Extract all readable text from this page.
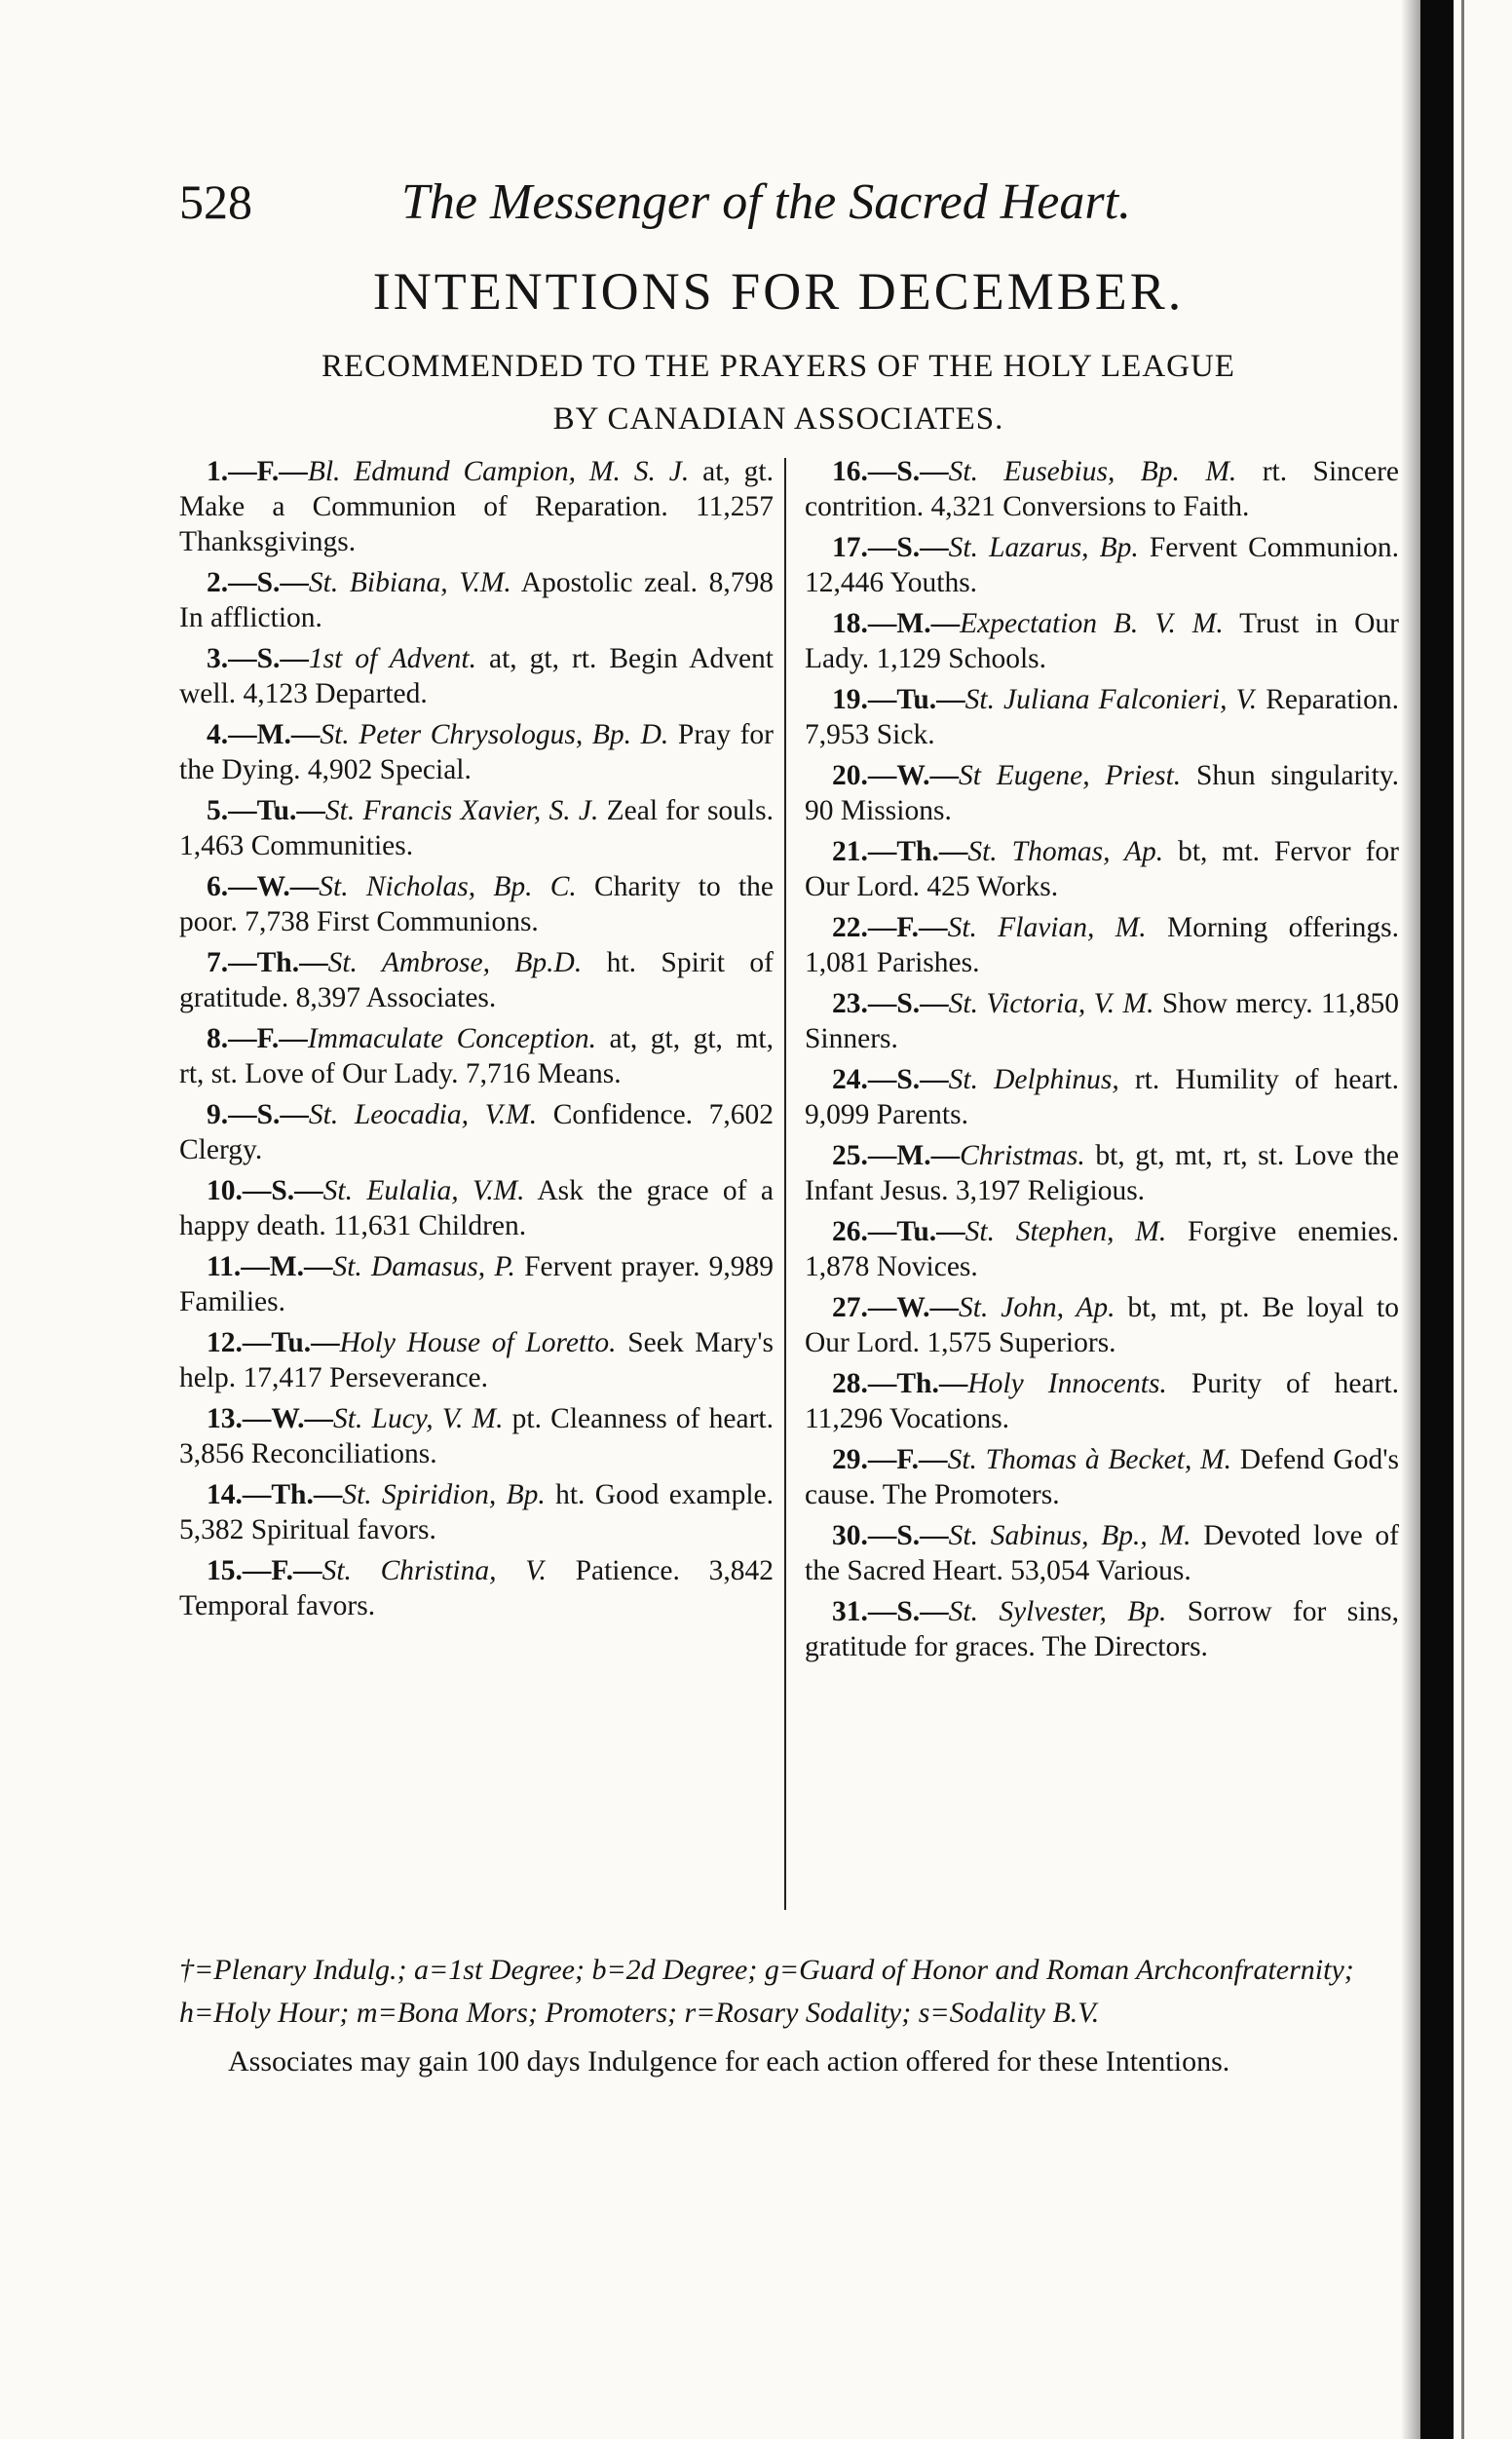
528	The Messenger of the Sacred Heart.
INTENTIONS FOR DECEMBER.
RECOMMENDED TO THE PRAYERS OF THE HOLY LEAGUE
BY CANADIAN ASSOCIATES.

1.—F.—Bl. Edmund Campion, M. S. J. at, gt. Make a Communion of Reparation. 11,257 Thanksgivings.

2.—S.—St. Bibiana, V.M. Apostolic zeal. 8,798 In affliction.

3.—S.—1st of Advent. at, gt, rt. Begin Advent well. 4,123 Departed.

4.—M.—St. Peter Chrysologus, Bp. D. Pray for the Dying. 4,902 Special.

5.—Tu.—St. Francis Xavier, S. J. Zeal for souls. 1,463 Communities.

6.—W.—St. Nicholas, Bp. C. Charity to the poor. 7,738 First Communions.

7.—Th.—St. Ambrose, Bp.D. ht. Spirit of gratitude. 8,397 Associates.

8.—F.—Immaculate Conception. at, gt, gt, mt, rt, st. Love of Our Lady. 7,716 Means.

9.—S.—St. Leocadia, V.M. Confidence. 7,602 Clergy.

10.—S.—St. Eulalia, V.M. Ask the grace of a happy death. 11,631 Children.

11.—M.—St. Damasus, P. Fervent prayer. 9,989 Families.

12.—Tu.—Holy House of Loretto. Seek Mary's help. 17,417 Perseverance.

13.—W.—St. Lucy, V. M. pt. Cleanness of heart. 3,856 Reconciliations.

14.—Th.—St. Spiridion, Bp. ht. Good example. 5,382 Spiritual favors.

15.—F.—St. Christina, V. Patience. 3,842 Temporal favors.

16.—S.—St. Eusebius, Bp. M. rt. Sincere contrition. 4,321 Conversions to Faith.

17.—S.—St. Lazarus, Bp. Fervent Communion. 12,446 Youths.

18.—M.—Expectation B. V. M. Trust in Our Lady. 1,129 Schools.

19.—Tu.—St. Juliana Falconieri, V. Reparation. 7,953 Sick.

20.—W.—St Eugene, Priest. Shun singularity. 90 Missions.

21.—Th.—St. Thomas, Ap. bt, mt. Fervor for Our Lord. 425 Works.

22.—F.—St. Flavian, M. Morning offerings. 1,081 Parishes.

23.—S.—St. Victoria, V. M. Show mercy. 11,850 Sinners.

24.—S.—St. Delphinus, rt. Humility of heart. 9,099 Parents.

25.—M.—Christmas. bt, gt, mt, rt, st. Love the Infant Jesus. 3,197 Religious.

26.—Tu.—St. Stephen, M. Forgive enemies. 1,878 Novices.

27.—W.—St. John, Ap. bt, mt, pt. Be loyal to Our Lord. 1,575 Superiors.

28.—Th.—Holy Innocents. Purity of heart. 11,296 Vocations.

29.—F.—St. Thomas à Becket, M. Defend God's cause. The Promoters.

30.—S.—St. Sabinus, Bp., M. Devoted love of the Sacred Heart. 53,054 Various.

31.—S.—St. Sylvester, Bp. Sorrow for sins, gratitude for graces. The Directors.

†=Plenary Indulg.; a=1st Degree; b=2d Degree; g=Guard of Honor and Roman Archconfraternity; h=Holy Hour; m=Bona Mors; Promoters; r=Rosary Sodality; s=Sodality B.V.
Associates may gain 100 days Indulgence for each action offered for these Intentions.
